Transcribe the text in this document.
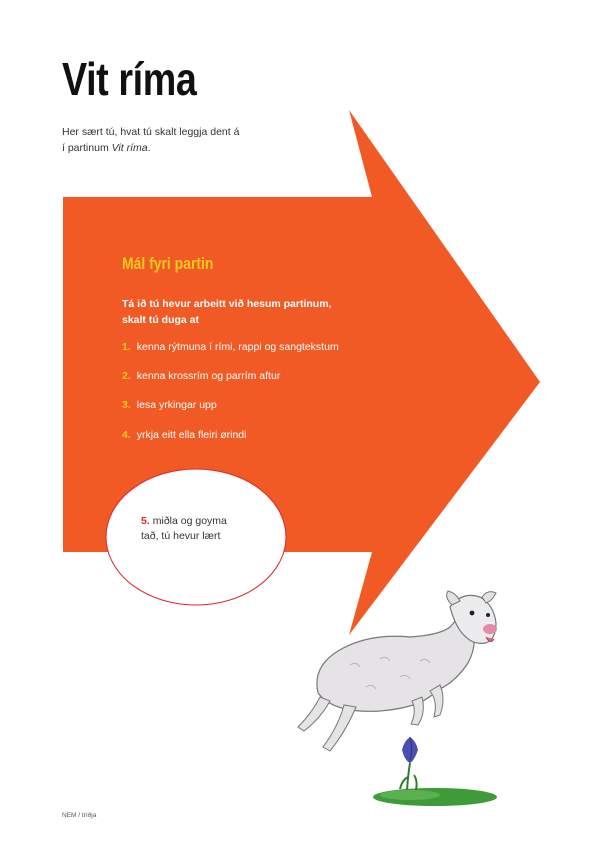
Vit ríma

Her sært tú, hvat tú skalt leggja dent á

í partinum Vit ríma.

Mál fyri partin
Tá ið tú hevur arbeitt við hesum partinum,
skalt tú duga at
1. kenna rýtmuna í rími, rappi og sangtekstum
2. kenna krossrím og parrím aftur
3. lesa yrkingar upp
4. yrkja eitt ella fleiri ørindi
5. miðla og goyma
tað, tú hevur lært
NEM / tríðja
